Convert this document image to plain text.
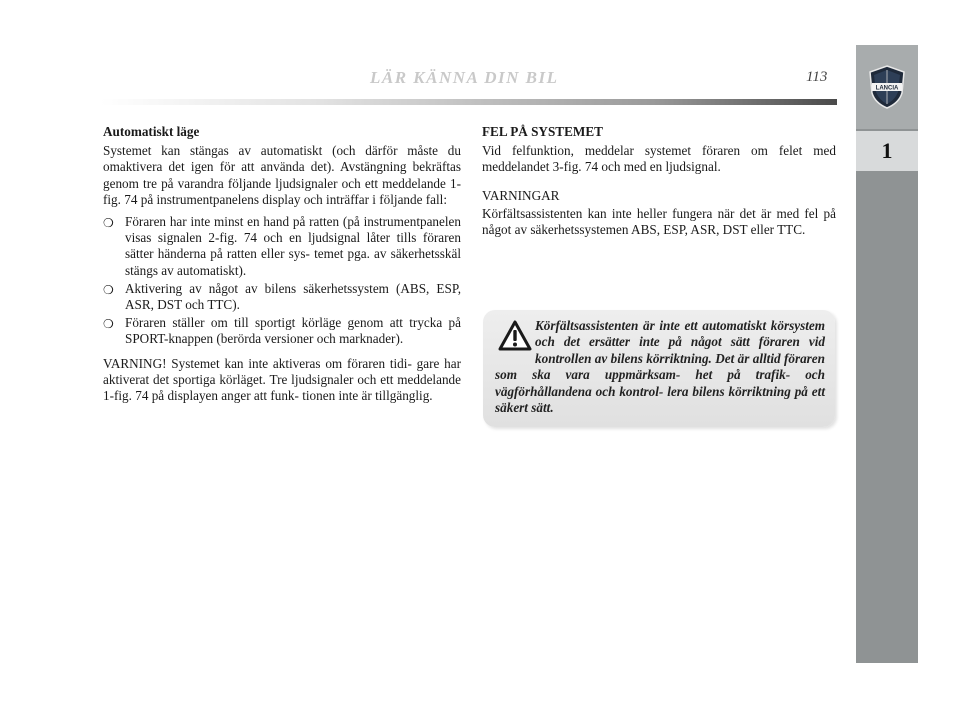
LÄR KÄNNA DIN BIL	113
LANCIA
1

Automatiskt läge

Systemet kan stängas av automatiskt (och därför måste du omaktivera det igen för att använda det). Avstängning bekräftas genom tre på varandra följande ljudsignaler och ett meddelande 1-fig. 74 på instrumentpanelens display och inträffar i följande fall:

❍ Föraren har inte minst en hand på ratten (på instrumentpanelen visas signalen 2-fig. 74 och en ljudsignal låter tills föraren sätter händerna på ratten eller sys- temet pga. av säkerhetsskäl stängs av automatiskt).
❍ Aktivering av något av bilens säkerhetssystem (ABS, ESP, ASR, DST och TTC).
❍ Föraren ställer om till sportigt körläge genom att trycka på SPORT-knappen (berörda versioner och marknader).

VARNING! Systemet kan inte aktiveras om föraren tidi- gare har aktiverat det sportiga körläget. Tre ljudsignaler och ett meddelande 1-fig. 74 på displayen anger att funk- tionen inte är tillgänglig.

FEL PÅ SYSTEMET

Vid felfunktion, meddelar systemet föraren om felet med meddelandet 3-fig. 74 och med en ljudsignal.

VARNINGAR

Körfältsassistenten kan inte heller fungera när det är med fel på något av säkerhetssystemen ABS, ESP, ASR, DST eller TTC.

Körfältsassistenten är inte ett automatiskt körsystem och det ersätter inte på något sätt föraren vid kontrollen av bilens körriktning. Det är alltid föraren som ska vara uppmärksam- het på trafik- och vägförhållandena och kontrol- lera bilens körriktning på ett säkert sätt.
